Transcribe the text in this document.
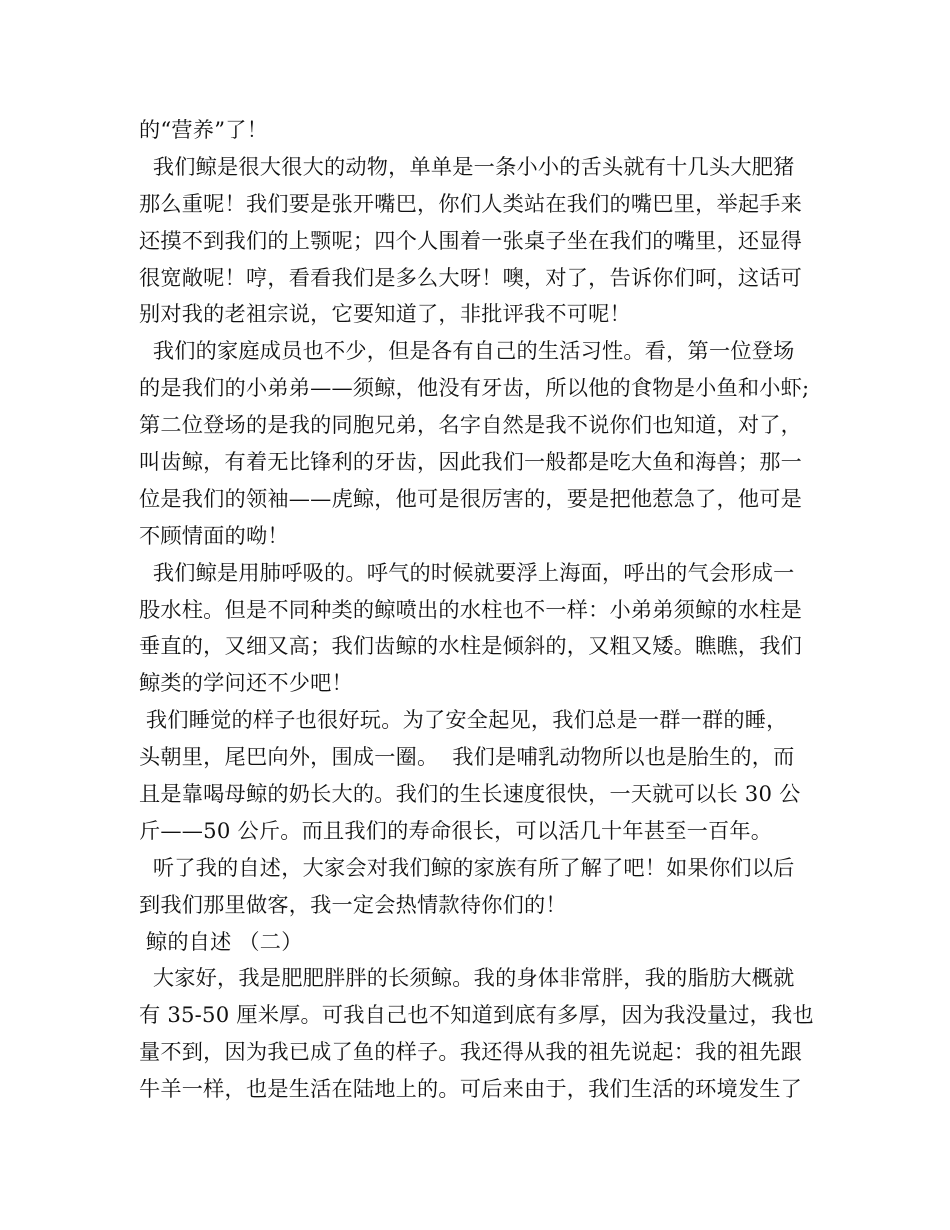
的“营养”了！
我们鲸是很大很大的动物，单单是一条小小的舌头就有十几头大肥猪
那么重呢！我们要是张开嘴巴，你们人类站在我们的嘴巴里，举起手来
还摸不到我们的上颚呢；四个人围着一张桌子坐在我们的嘴里，还显得
很宽敞呢！哼，看看我们是多么大呀！噢，对了，告诉你们呵，这话可
别对我的老祖宗说，它要知道了，非批评我不可呢！
我们的家庭成员也不少，但是各有自己的生活习性。看，第一位登场
的是我们的小弟弟——须鲸，他没有牙齿，所以他的食物是小鱼和小虾;
第二位登场的是我的同胞兄弟，名字自然是我不说你们也知道，对了，
叫齿鲸，有着无比锋利的牙齿，因此我们一般都是吃大鱼和海兽；那一
位是我们的领袖——虎鲸，他可是很厉害的，要是把他惹急了，他可是
不顾情面的呦！
我们鲸是用肺呼吸的。呼气的时候就要浮上海面，呼出的气会形成一
股水柱。但是不同种类的鲸喷出的水柱也不一样：小弟弟须鲸的水柱是
垂直的，又细又高；我们齿鲸的水柱是倾斜的，又粗又矮。瞧瞧，我们
鲸类的学问还不少吧！
我们睡觉的样子也很好玩。为了安全起见，我们总是一群一群的睡，
头朝里，尾巴向外，围成一圈。  我们是哺乳动物所以也是胎生的，而
且是靠喝母鲸的奶长大的。我们的生长速度很快，一天就可以长 30 公
斤——50 公斤。而且我们的寿命很长，可以活几十年甚至一百年。
听了我的自述，大家会对我们鲸的家族有所了解了吧！如果你们以后
到我们那里做客，我一定会热情款待你们的！
鲸的自述 （二）
大家好，我是肥肥胖胖的长须鲸。我的身体非常胖，我的脂肪大概就
有 35-50 厘米厚。可我自己也不知道到底有多厚，因为我没量过，我也
量不到，因为我已成了鱼的样子。我还得从我的祖先说起：我的祖先跟
牛羊一样，也是生活在陆地上的。可后来由于，我们生活的环境发生了
